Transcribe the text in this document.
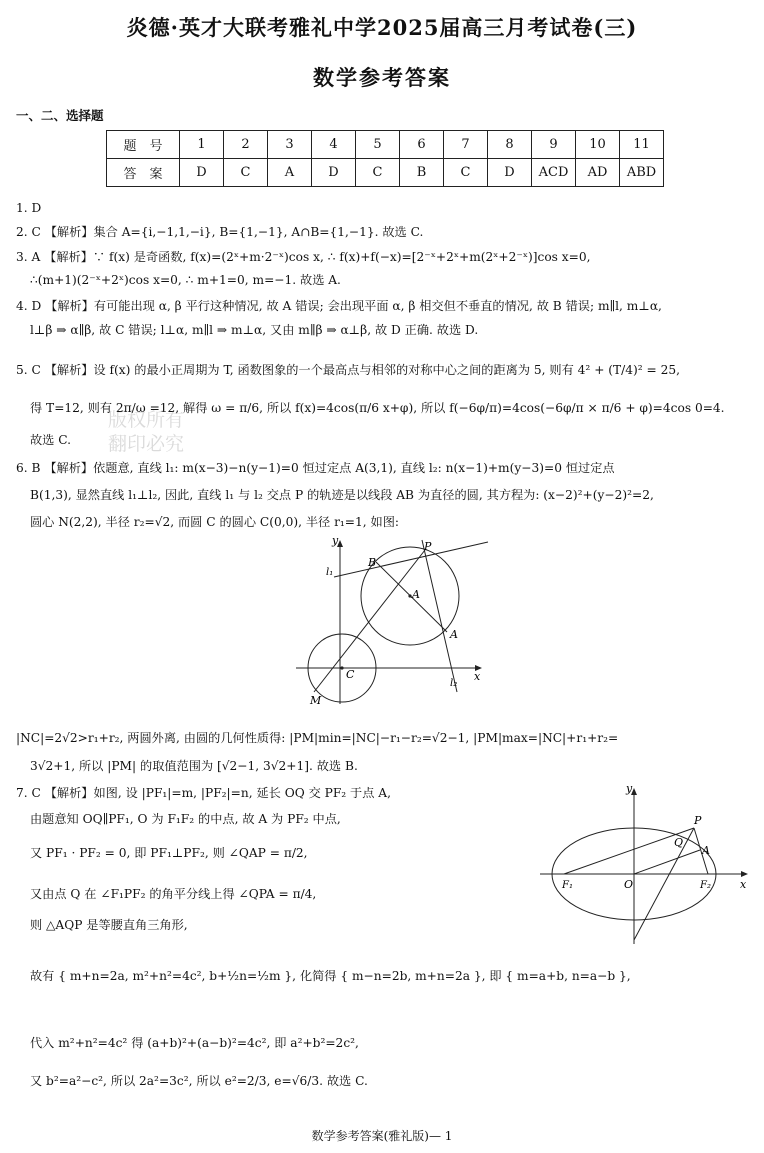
炎德·英才大联考雅礼中学2025届高三月考试卷(三)
数学参考答案
一、二、选择题
题　号	1	2	3	4	5	6	7	8	9	10	11
答　案	D	C	A	D	C	B	C	D	ACD	AD	ABD
1. D
2. C 【解析】集合 A={i,−1,1,−i}, B={1,−1}, A∩B={1,−1}. 故选 C.
3. A 【解析】∵ f(x) 是奇函数, f(x)=(2ˣ+m·2⁻ˣ)cos x, ∴ f(x)+f(−x)=[2⁻ˣ+2ˣ+m(2ˣ+2⁻ˣ)]cos x=0,
∴(m+1)(2⁻ˣ+2ˣ)cos x=0, ∴ m+1=0, m=−1. 故选 A.
4. D 【解析】有可能出现 α, β 平行这种情况, 故 A 错误; 会出现平面 α, β 相交但不垂直的情况, 故 B 错误; m∥l, m⊥α,
l⊥β ⇒ α∥β, 故 C 错误; l⊥α, m∥l ⇒ m⊥α, 又由 m∥β ⇒ α⊥β, 故 D 正确. 故选 D.
5. C 【解析】设 f(x) 的最小正周期为 T, 函数图象的一个最高点与相邻的对称中心之间的距离为 5, 则有 4² + (T/4)² = 25,
得 T=12, 则有 2π/ω =12, 解得 ω = π/6, 所以 f(x)=4cos(π/6 x+φ), 所以 f(−6φ/π)=4cos(−6φ/π × π/6 + φ)=4cos 0=4.
故选 C.
6. B 【解析】依题意, 直线 l₁: m(x−3)−n(y−1)=0 恒过定点 A(3,1), 直线 l₂: n(x−1)+m(y−3)=0 恒过定点
B(1,3), 显然直线 l₁⊥l₂, 因此, 直线 l₁ 与 l₂ 交点 P 的轨迹是以线段 AB 为直径的圆, 其方程为: (x−2)²+(y−2)²=2,
圆心 N(2,2), 半径 r₂=√2, 而圆 C 的圆心 C(0,0), 半径 r₁=1, 如图:
y	P
B
A
A
C
M
l₁
l₂
x
版权所有
翻印必究
|NC|=2√2>r₁+r₂, 两圆外离, 由圆的几何性质得: |PM|min=|NC|−r₁−r₂=√2−1, |PM|max=|NC|+r₁+r₂=
3√2+1, 所以 |PM| 的取值范围为 [√2−1, 3√2+1]. 故选 B.
7. C 【解析】如图, 设 |PF₁|=m, |PF₂|=n, 延长 OQ 交 PF₂ 于点 A,
由题意知 OQ∥PF₁, O 为 F₁F₂ 的中点, 故 A 为 PF₂ 中点,
又 PF₁ · PF₂ = 0, 即 PF₁⊥PF₂, 则 ∠QAP = π/2,
又由点 Q 在 ∠F₁PF₂ 的角平分线上得 ∠QPA = π/4,
则 △AQP 是等腰直角三角形,
故有 { m+n=2a, m²+n²=4c², b+½n=½m }, 化简得 { m−n=2b, m+n=2a }, 即 { m=a+b, n=a−b },
代入 m²+n²=4c² 得 (a+b)²+(a−b)²=4c², 即 a²+b²=2c²,
又 b²=a²−c², 所以 2a²=3c², 所以 e²=2/3, e=√6/3. 故选 C.
y
P
Q
A
F₁	O	F₂	x
数学参考答案(雅礼版)— 1
